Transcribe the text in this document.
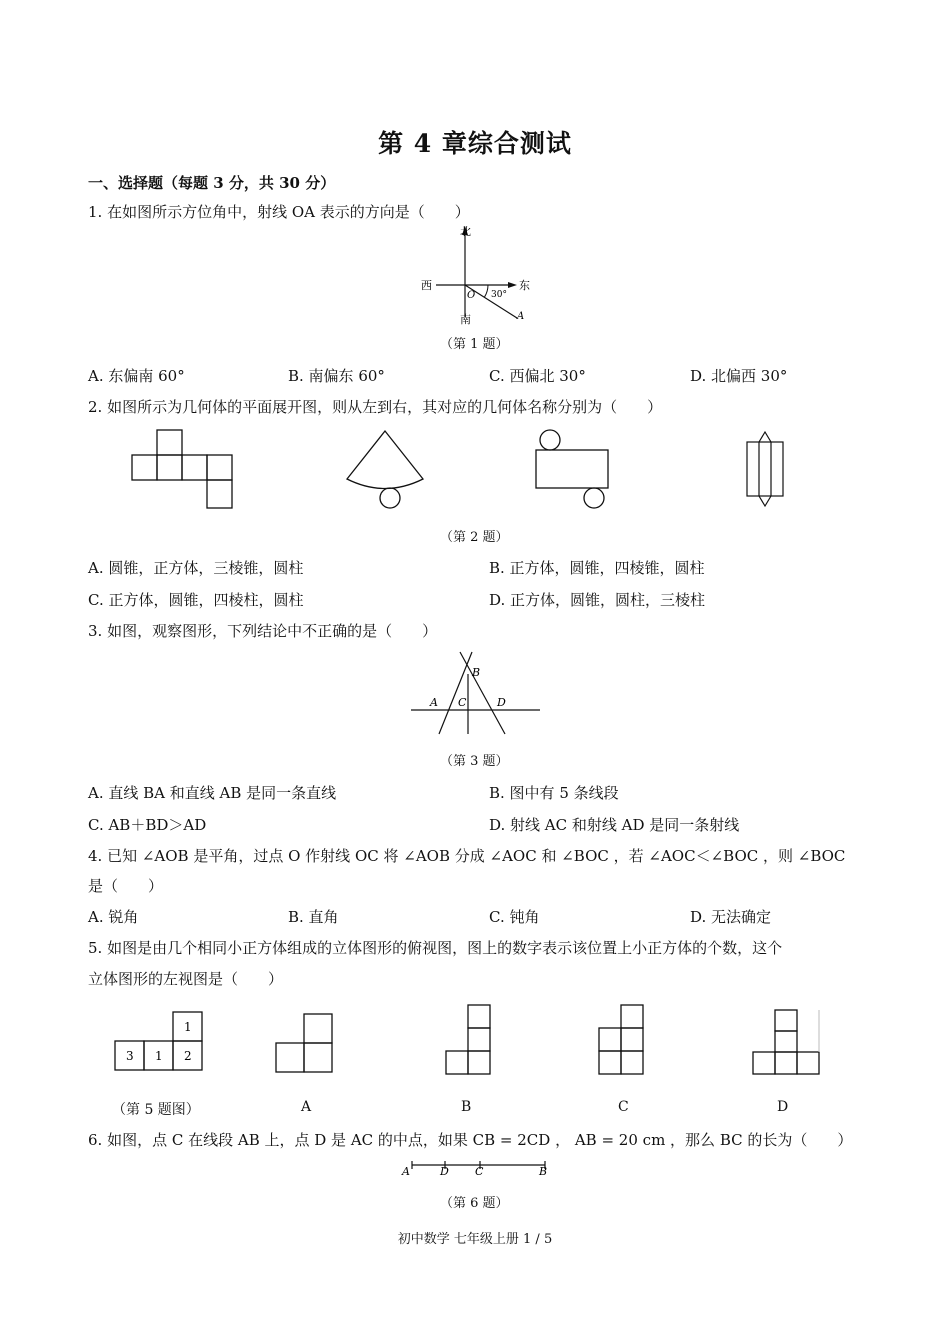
第 4 章综合测试
一、选择题（每题 3 分，共 30 分）
1. 在如图所示方位角中，射线 OA 表示的方向是（　　）
北
西	东
南
O 30°
A
（第 1 题）
A. 东偏南 60°	B. 南偏东 60°	C. 西偏北 30°	D. 北偏西 30°
2. 如图所示为几何体的平面展开图，则从左到右，其对应的几何体名称分别为（　　）
（第 2 题）
A. 圆锥，正方体，三棱锥，圆柱	B. 正方体，圆锥，四棱锥，圆柱
C. 正方体，圆锥，四棱柱，圆柱	D. 正方体，圆锥，圆柱，三棱柱
3. 如图，观察图形，下列结论中不正确的是（　　）
B
A C	D
（第 3 题）
A. 直线 BA 和直线 AB 是同一条直线	B. 图中有 5 条线段
C. AB＋BD＞AD	D. 射线 AC 和射线 AD 是同一条射线
4. 已知 ∠AOB 是平角，过点 O 作射线 OC 将 ∠AOB 分成 ∠AOC 和 ∠BOC ，若 ∠AOC＜∠BOC ，则 ∠BOC
是（　　）
A. 锐角	B. 直角	C. 钝角	D. 无法确定
5. 如图是由几个相同小正方体组成的立体图形的俯视图，图上的数字表示该位置上小正方体的个数，这个
立体图形的左视图是（　　）
1
3 1 2
（第 5 题图）	A	B	C	D
6. 如图，点 C 在线段 AB 上，点 D 是 AC 的中点，如果 CB = 2CD ， AB = 20 cm ，那么 BC 的长为（　　）
A	D C	B
（第 6 题）
初中数学 七年级上册 1 / 5
